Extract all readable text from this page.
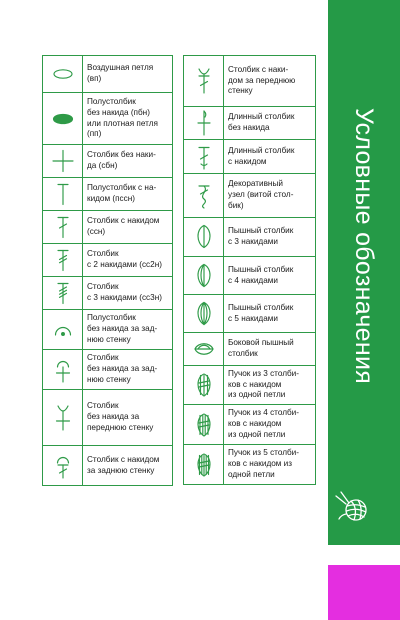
Воздушная петля
(вп)

Полустолбик
без накида (пбн)
или плотная петля
(пп)

Столбик без наки-
да (сбн)

Полустолбик с на-
кидом (пссн)

Столбик с накидом
(ссн)

Столбик
с 2 накидами (сс2н)

Столбик
с 3 накидами (сс3н)

Полустолбик
без накида за зад-
нюю стенку

Столбик
без накида за зад-
нюю стенку

Столбик
без накида за
переднюю стенку

Столбик с накидом
за заднюю стенку

Столбик с наки-
дом за переднюю
стенку

Длинный столбик
без накида

Длинный столбик
с накидом

Декоративный
узел (витой стол-
бик)

Пышный столбик
с 3 накидами

Пышный столбик
с 4 накидами

Пышный столбик
с 5 накидами

Боковой пышный
столбик

Пучок из 3 столби-
ков с накидом
из одной петли

Пучок из 4 столби-
ков с накидом
из одной петли

Пучок из 5 столби-
ков с накидом из
одной петли
Условные обозначения
3
